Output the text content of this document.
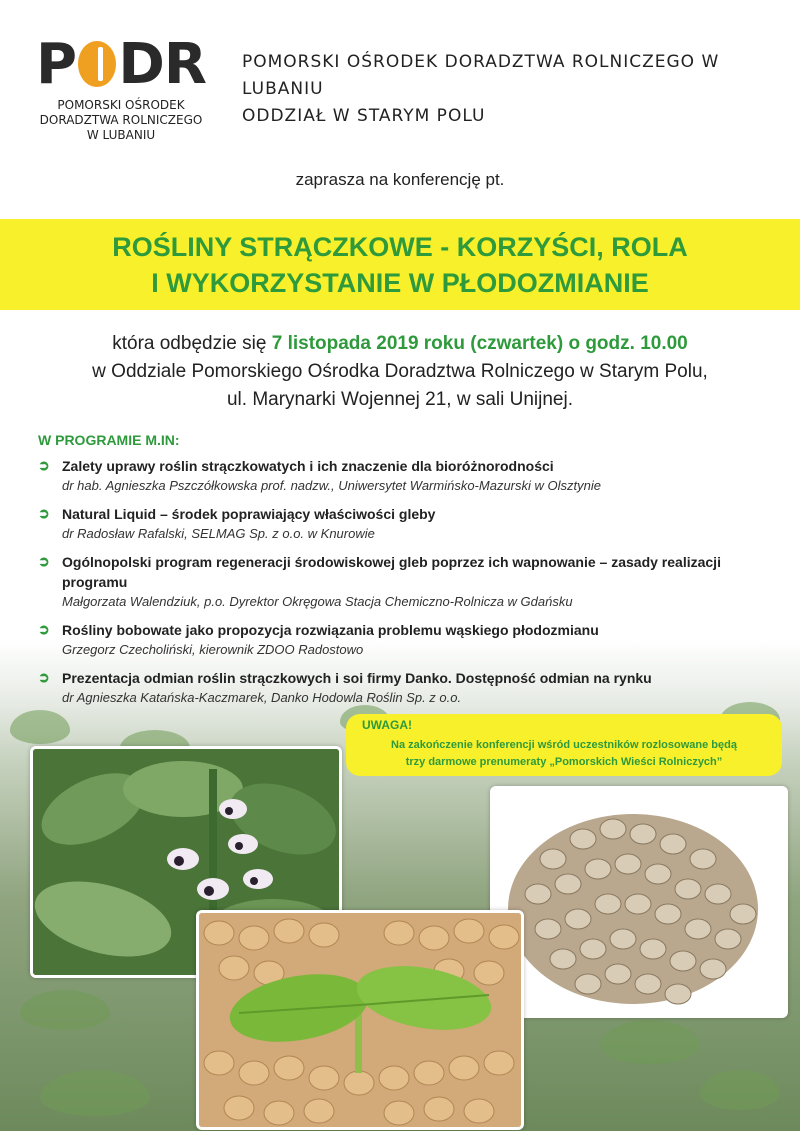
P DR
POMORSKI OŚRODEK
DORADZTWA ROLNICZEGO
W LUBANIU
POMORSKI OŚRODEK DORADZTWA ROLNICZEGO W LUBANIU
ODDZIAŁ W STARYM POLU
zaprasza na konferencję pt.
ROŚLINY STRĄCZKOWE - KORZYŚCI, ROLA
I WYKORZYSTANIE W PŁODOZMIANIE
która odbędzie się 7 listopada 2019 roku (czwartek) o godz. 10.00
w Oddziale Pomorskiego Ośrodka Doradztwa Rolniczego w Starym Polu,
ul. Marynarki Wojennej 21, w sali Unijnej.
W PROGRAMIE M.IN:
➲ Zalety uprawy roślin strączkowatych i ich znaczenie dla bioróżnorodności
dr hab. Agnieszka Pszczółkowska prof. nadzw., Uniwersytet Warmińsko-Mazurski w Olsztynie
➲ Natural Liquid – środek poprawiający właściwości gleby
dr Radosław Rafalski, SELMAG Sp. z o.o. w Knurowie
➲ Ogólnopolski program regeneracji środowiskowej gleb poprzez ich wapnowanie – zasady realizacji programu
Małgorzata Walendziuk, p.o. Dyrektor Okręgowa Stacja Chemiczno-Rolnicza w Gdańsku
➲ Rośliny bobowate jako propozycja rozwiązania problemu wąskiego płodozmianu
Grzegorz Czecholiński, kierownik ZDOO Radostowo
➲ Prezentacja odmian roślin strączkowych i soi firmy Danko. Dostępność odmian na rynku
dr Agnieszka Katańska-Kaczmarek, Danko Hodowla Roślin Sp. z o.o.
UWAGA!
Na zakończenie konferencji wśród uczestników rozlosowane będą
trzy darmowe prenumeraty „Pomorskich Wieści Rolniczych”
